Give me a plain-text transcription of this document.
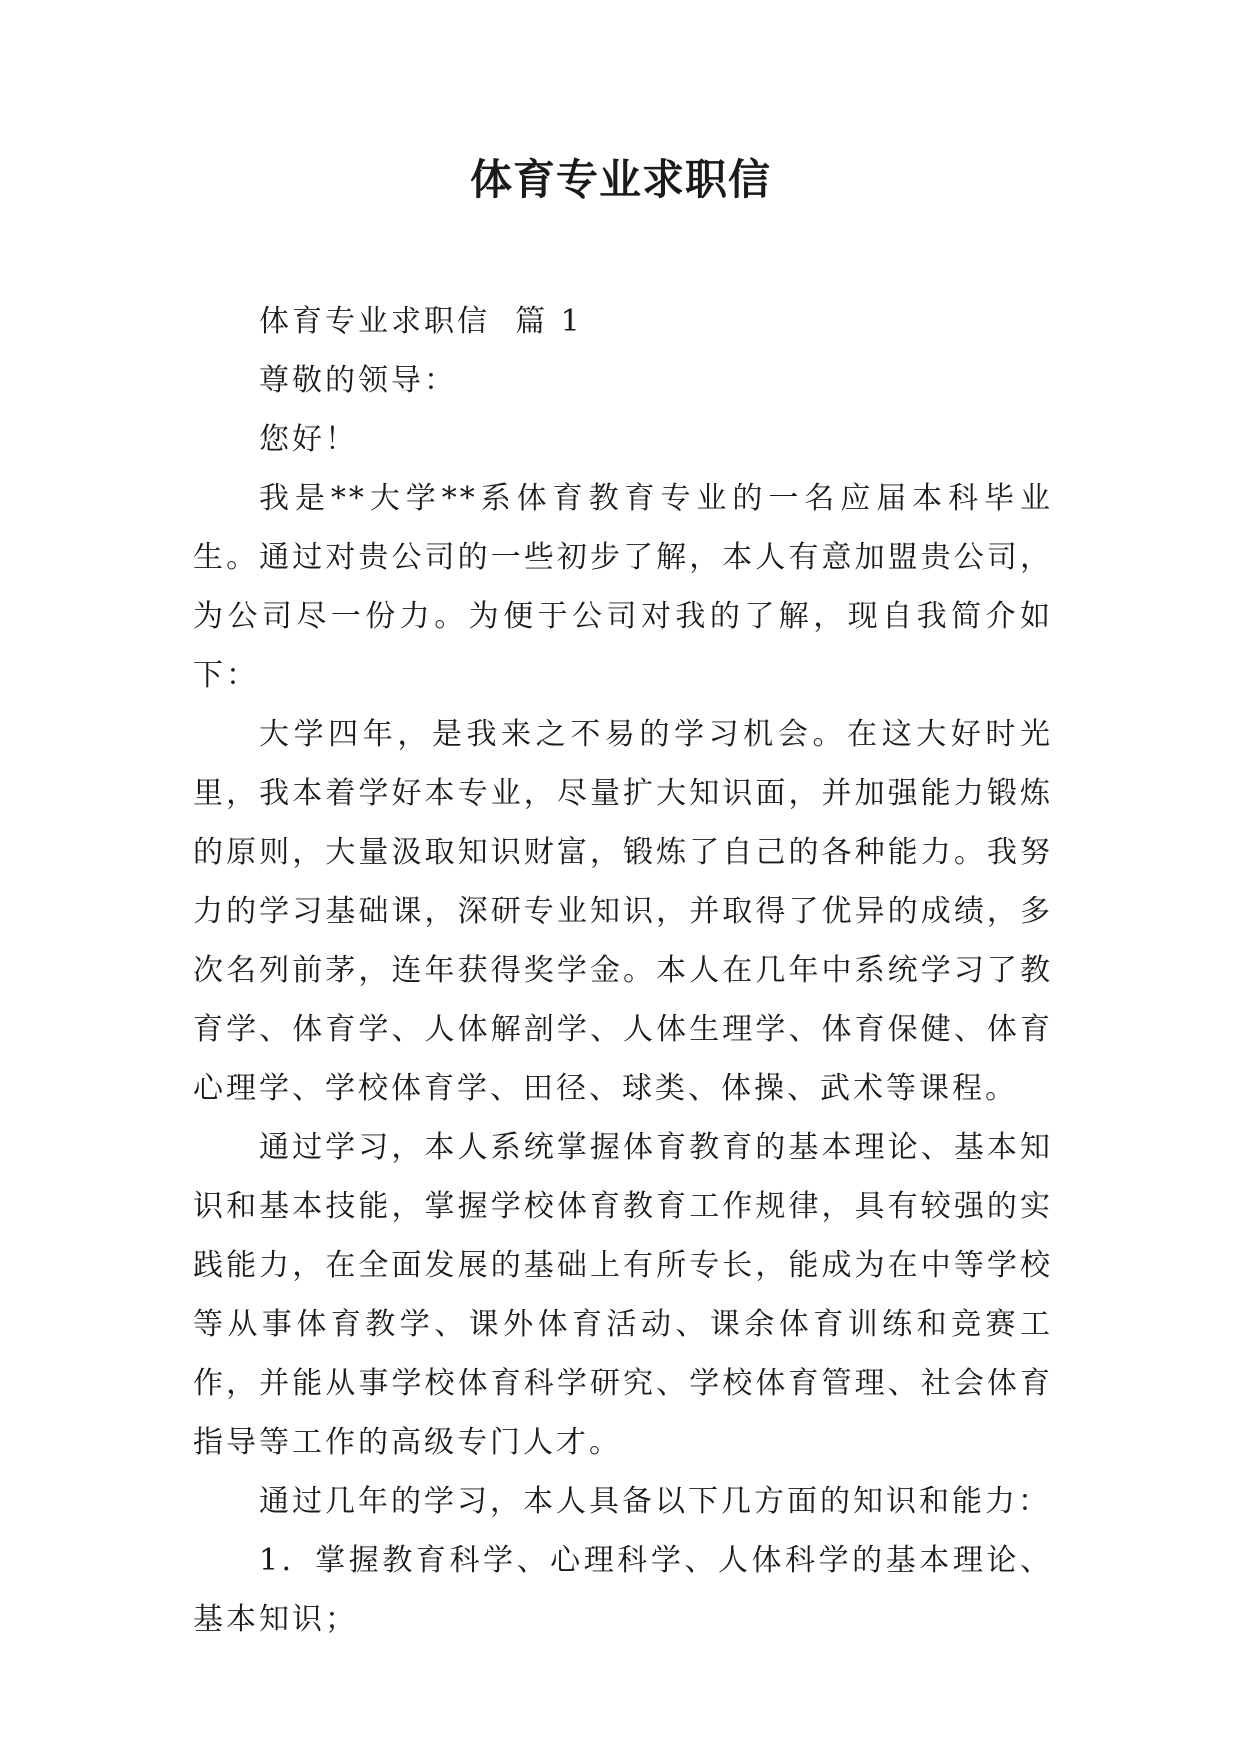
体育专业求职信

体育专业求职信  篇 1

尊敬的领导：

您好！

我是**大学**系体育教育专业的一名应届本科毕业生。通过对贵公司的一些初步了解，本人有意加盟贵公司，为公司尽一份力。为便于公司对我的了解，现自我简介如下：

大学四年，是我来之不易的学习机会。在这大好时光里，我本着学好本专业，尽量扩大知识面，并加强能力锻炼的原则，大量汲取知识财富，锻炼了自己的各种能力。我努力的学习基础课，深研专业知识，并取得了优异的成绩，多次名列前茅，连年获得奖学金。本人在几年中系统学习了教育学、体育学、人体解剖学、人体生理学、体育保健、体育心理学、学校体育学、田径、球类、体操、武术等课程。

通过学习，本人系统掌握体育教育的基本理论、基本知识和基本技能，掌握学校体育教育工作规律，具有较强的实践能力，在全面发展的基础上有所专长，能成为在中等学校等从事体育教学、课外体育活动、课余体育训练和竞赛工作，并能从事学校体育科学研究、学校体育管理、社会体育指导等工作的高级专门人才。

通过几年的学习，本人具备以下几方面的知识和能力：

1．掌握教育科学、心理科学、人体科学的基本理论、基本知识；
